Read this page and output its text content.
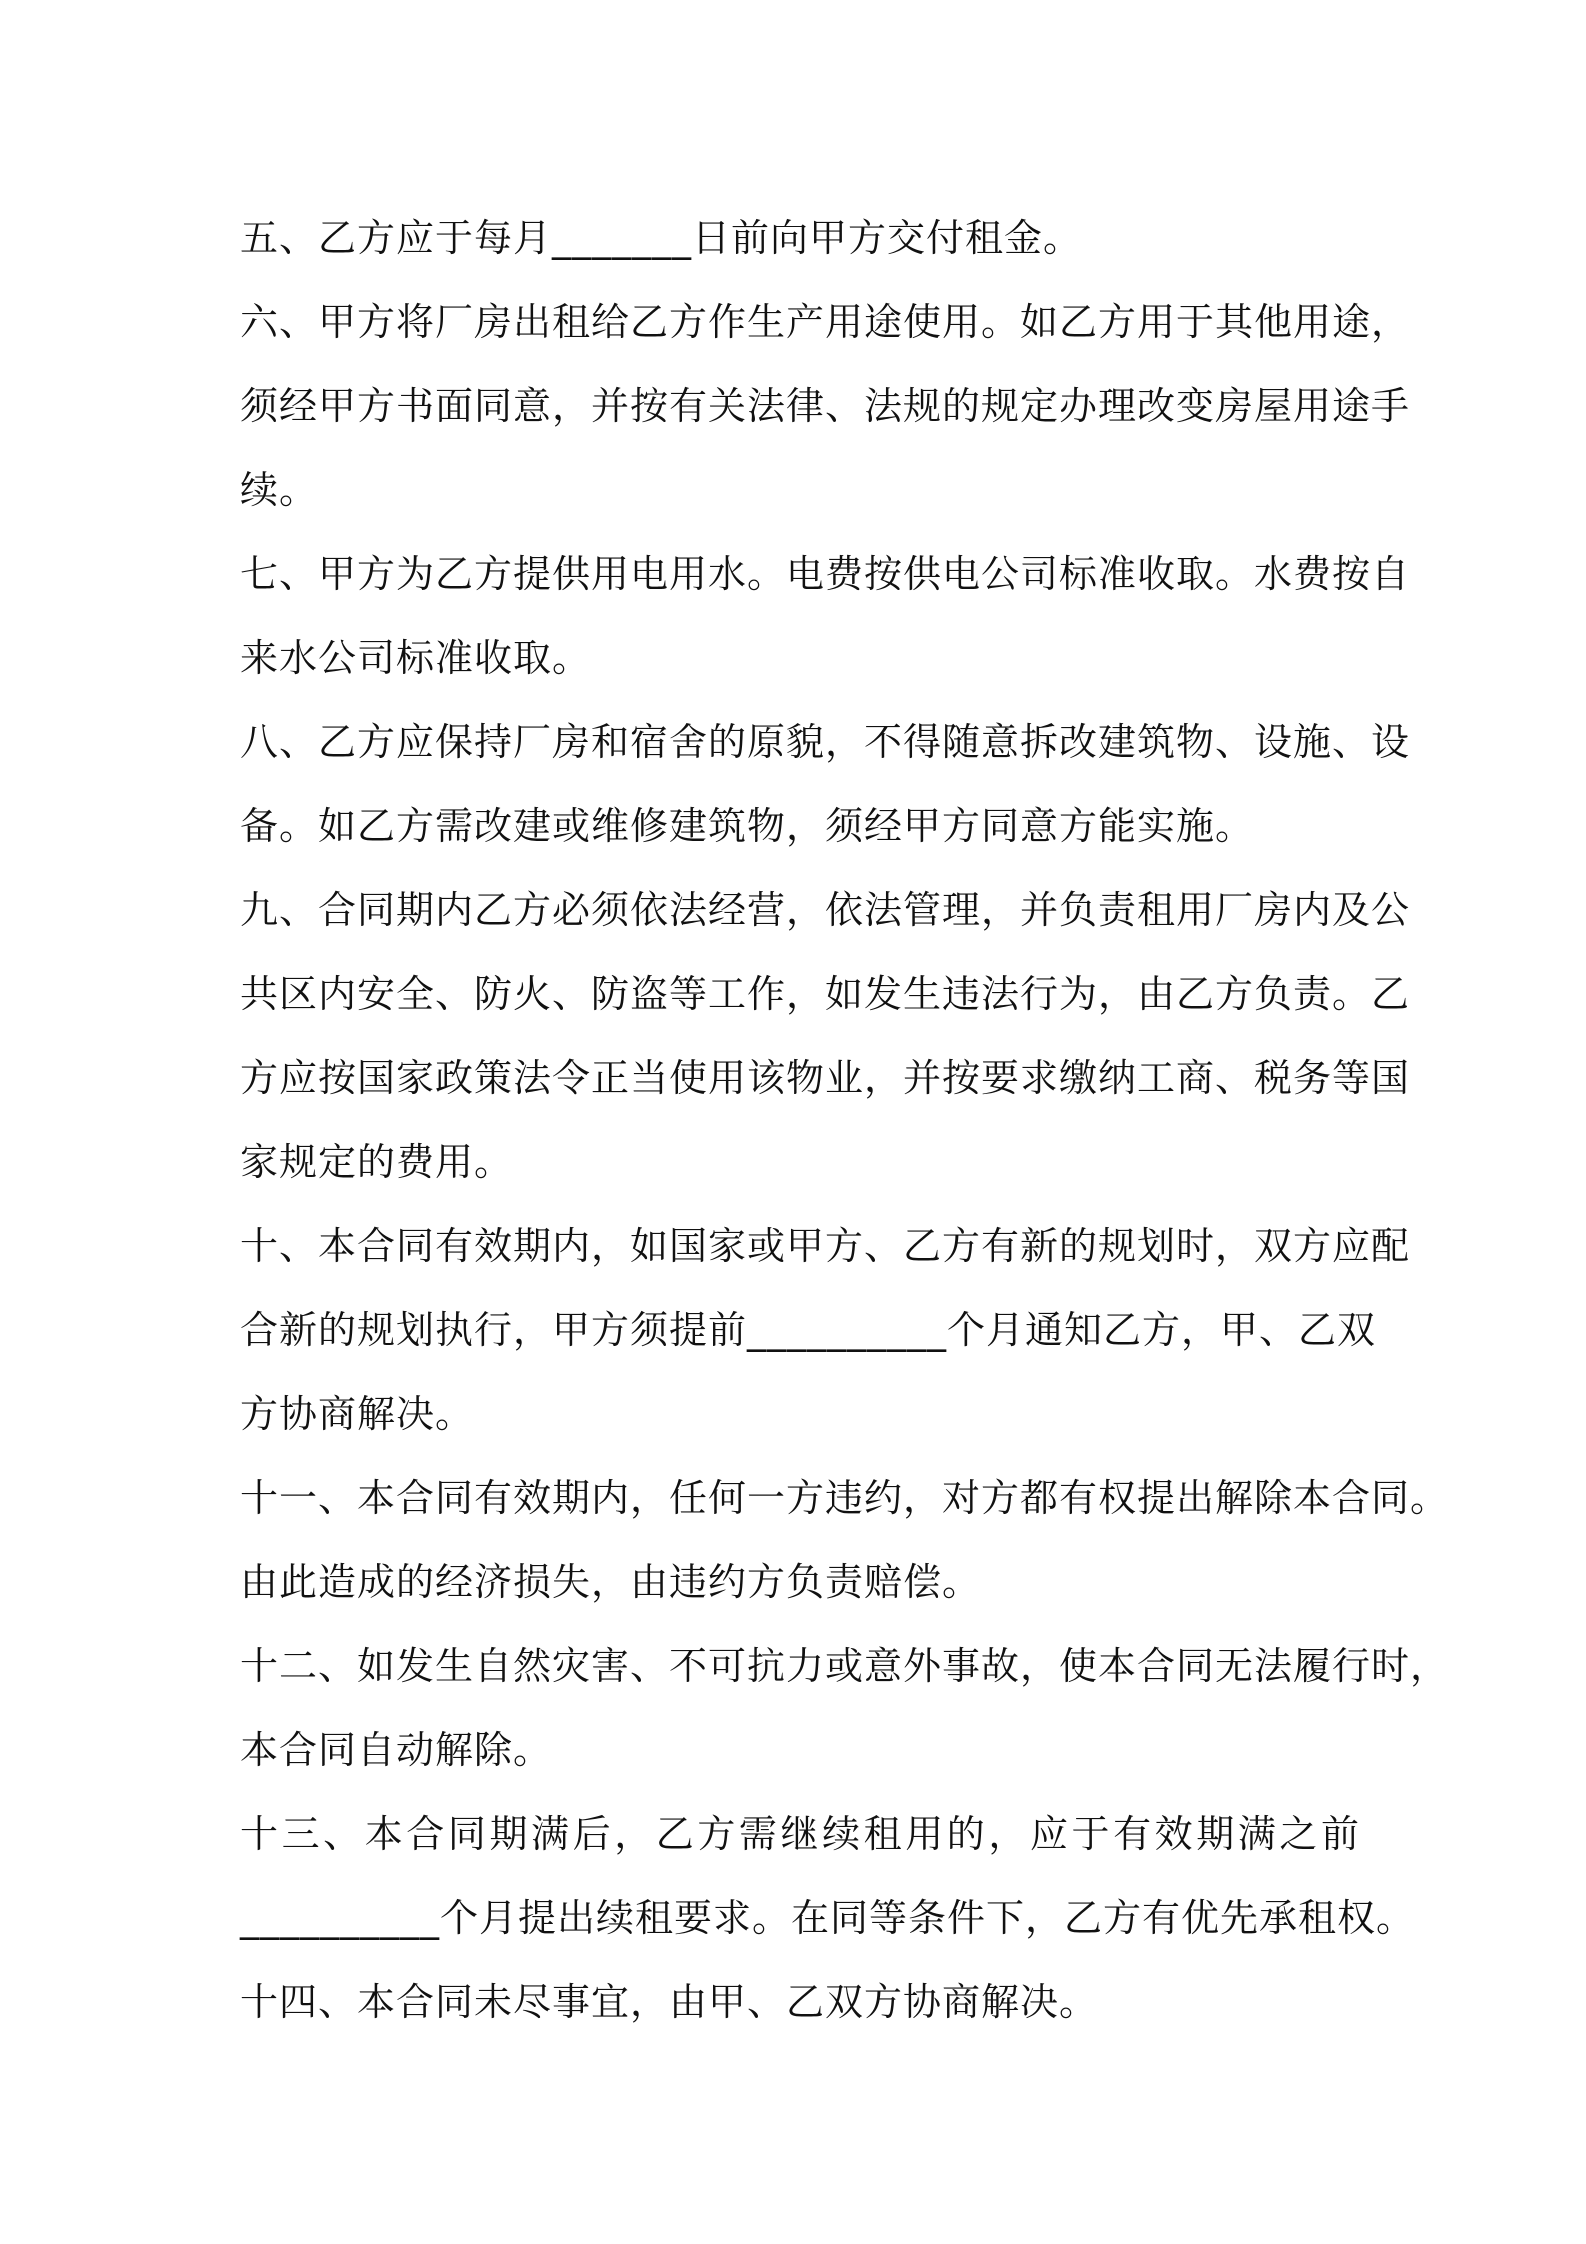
五、乙方应于每月_______日前向甲方交付租金。
六、甲方将厂房出租给乙方作生产用途使用。如乙方用于其他用途，
须经甲方书面同意，并按有关法律、法规的规定办理改变房屋用途手
续。
七、甲方为乙方提供用电用水。电费按供电公司标准收取。水费按自
来水公司标准收取。
八、乙方应保持厂房和宿舍的原貌，不得随意拆改建筑物、设施、设
备。如乙方需改建或维修建筑物，须经甲方同意方能实施。
九、合同期内乙方必须依法经营，依法管理，并负责租用厂房内及公
共区内安全、防火、防盗等工作，如发生违法行为，由乙方负责。乙
方应按国家政策法令正当使用该物业，并按要求缴纳工商、税务等国
家规定的费用。
十、本合同有效期内，如国家或甲方、乙方有新的规划时，双方应配
合新的规划执行，甲方须提前__________个月通知乙方，甲、乙双
方协商解决。
十一、本合同有效期内，任何一方违约，对方都有权提出解除本合同。
由此造成的经济损失，由违约方负责赔偿。
十二、如发生自然灾害、不可抗力或意外事故，使本合同无法履行时，
本合同自动解除。
十三、本合同期满后，乙方需继续租用的，应于有效期满之前
__________个月提出续租要求。在同等条件下，乙方有优先承租权。
十四、本合同未尽事宜，由甲、乙双方协商解决。
